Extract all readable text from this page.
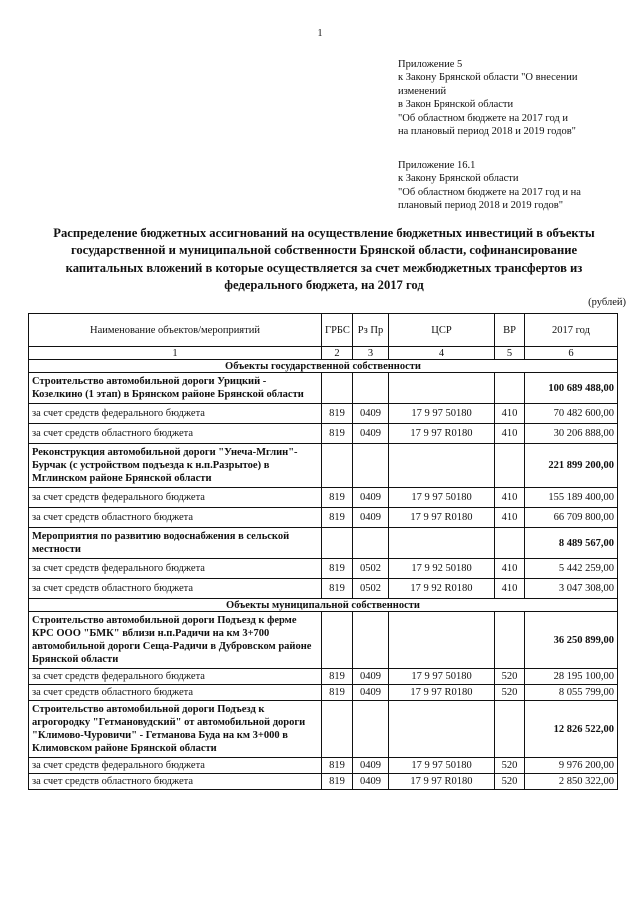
1
Приложение 5
к Закону Брянской области "О внесении
изменений
в Закон Брянской области
"Об областном бюджете на 2017 год и
на плановый период 2018 и 2019 годов"
Приложение 16.1
к Закону Брянской области
"Об областном бюджете на 2017 год и на
плановый период 2018 и 2019 годов"
Распределение бюджетных ассигнований на осуществление бюджетных инвестиций в объекты государственной и муниципальной собственности Брянской области, софинансирование капитальных вложений в которые осуществляется за счет межбюджетных трансфертов из федерального бюджета, на 2017 год
(рублей)
Наименование объектов/мероприятий	ГРБС	Рз Пр	ЦСР	ВР	2017 год
1	2	3	4	5	6
Объекты государственной собственности					
Строительство автомобильной дороги Урицкий - Козелкино (1 этап) в Брянском районе Брянской области					100 689 488,00
за счет средств федерального бюджета	819	0409	17 9 97 50180	410	70 482 600,00
за счет средств областного бюджета	819	0409	17 9 97 R0180	410	30 206 888,00
Реконструкция автомобильной дороги "Унеча-Мглин"-Бурчак (с устройством подъезда к н.п.Разрытое) в Мглинском районе Брянской области					221 899 200,00
за счет средств федерального бюджета	819	0409	17 9 97 50180	410	155 189 400,00
за счет средств областного бюджета	819	0409	17 9 97 R0180	410	66 709 800,00
Мероприятия по развитию водоснабжения в сельской местности					8 489 567,00
за счет средств федерального бюджета	819	0502	17 9 92 50180	410	5 442 259,00
за счет средств областного бюджета	819	0502	17 9 92 R0180	410	3 047 308,00
Объекты муниципальной собственности					
Строительство автомобильной дороги Подъезд к ферме КРС ООО "БМК" вблизи н.п.Радичи на км 3+700 автомобильной дороги Сеща-Радичи в Дубровском районе Брянской области					36 250 899,00
за счет средств федерального бюджета	819	0409	17 9 97 50180	520	28 195 100,00
за счет средств областного бюджета	819	0409	17 9 97 R0180	520	8 055 799,00
Строительство автомобильной дороги Подъезд к агрогородку "Гетмановудский" от автомобильной дороги "Климово-Чуровичи" - Гетманова Буда на км 3+000 в Климовском районе Брянской области					12 826 522,00
за счет средств федерального бюджета	819	0409	17 9 97 50180	520	9 976 200,00
за счет средств областного бюджета	819	0409	17 9 97 R0180	520	2 850 322,00
